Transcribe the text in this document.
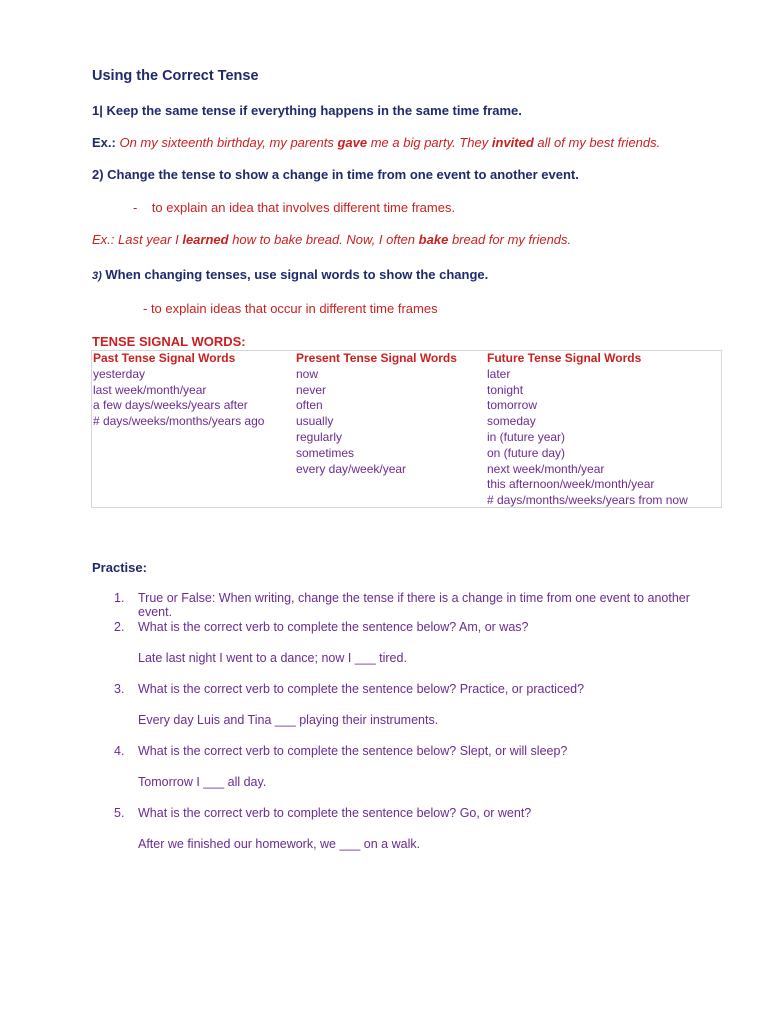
Using the Correct Tense
1| Keep the same tense if everything happens in the same time frame.
Ex.: On my sixteenth birthday, my parents gave me a big party. They invited all of my best friends.
2) Change the tense to show a change in time from one event to another event.
- to explain an idea that involves different time frames.
Ex.: Last year I learned how to bake bread. Now, I often bake bread for my friends.
3) When changing tenses, use signal words to show the change.
- to explain ideas that occur in different time frames
TENSE SIGNAL WORDS:
Past Tense Signal Words
yesterday
last week/month/year
a few days/weeks/years after
# days/weeks/months/years ago
Present Tense Signal Words
now
never
often
usually
regularly
sometimes
every day/week/year
Future Tense Signal Words
later
tonight
tomorrow
someday
in (future year)
on (future day)
next week/month/year
this afternoon/week/month/year
# days/months/weeks/years from now
Practise:
1. True or False: When writing, change the tense if there is a change in time from one event to another event.
2. What is the correct verb to complete the sentence below? Am, or was?
Late last night I went to a dance; now I ___ tired.
3. What is the correct verb to complete the sentence below? Practice, or practiced?
Every day Luis and Tina ___ playing their instruments.
4. What is the correct verb to complete the sentence below? Slept, or will sleep?
Tomorrow I ___ all day.
5. What is the correct verb to complete the sentence below? Go, or went?
After we finished our homework, we ___ on a walk.
